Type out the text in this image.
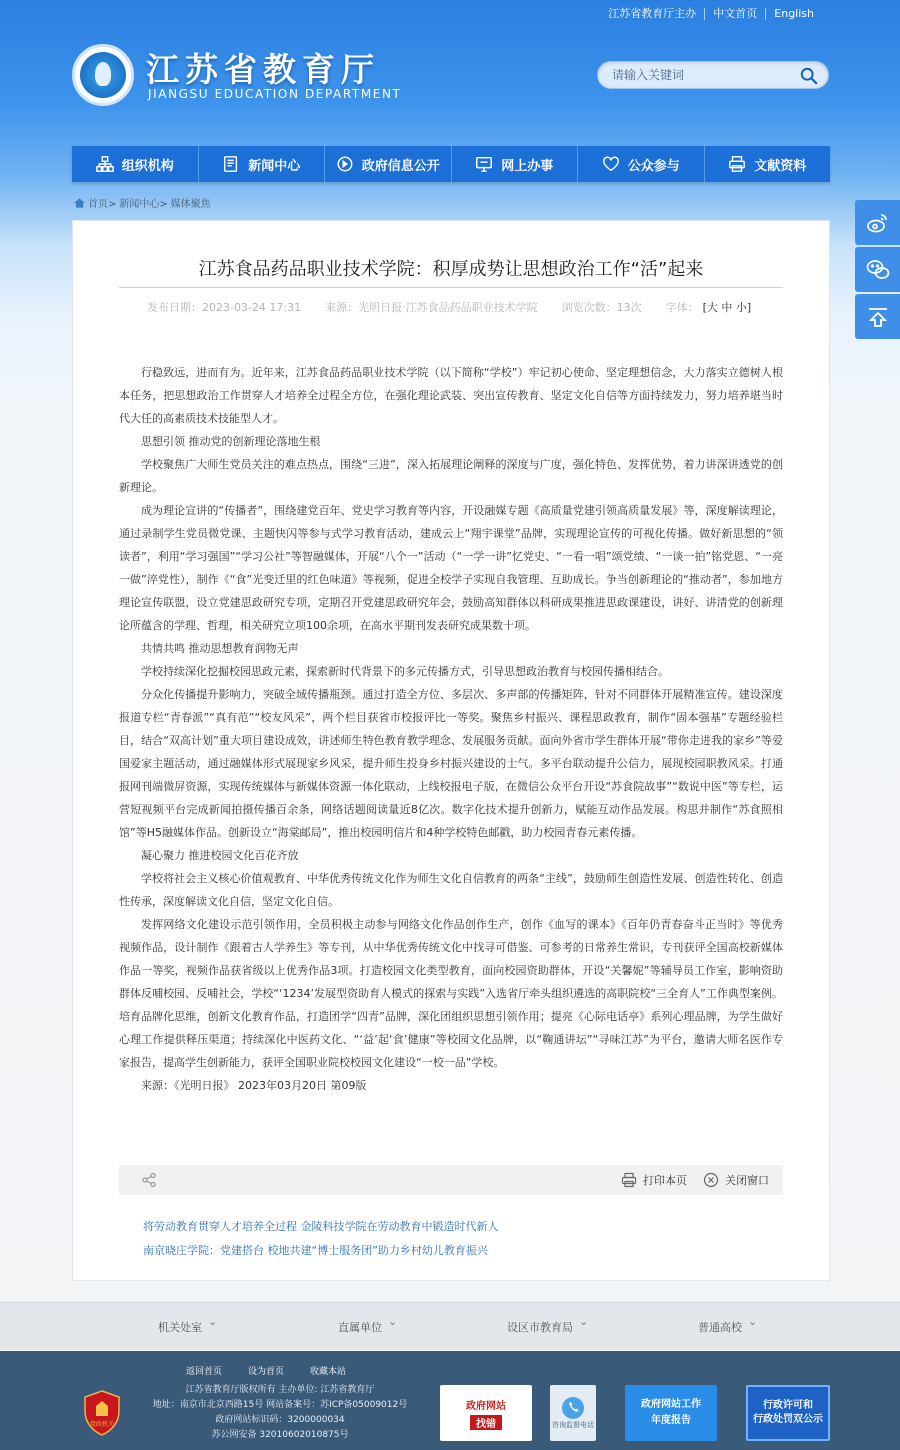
江苏省教育厅主办	中文首页	English
江苏省教育厅
JIANGSU EDUCATION DEPARTMENT
请输入关键词
组织机构	新闻中心	政府信息公开	网上办事	公众参与	文献资料
首页> 新闻中心> 媒体聚焦
江苏食品药品职业技术学院：积厚成势让思想政治工作“活”起来
发布日期：2023-03-24 17:31 来源：光明日报·江苏食品药品职业技术学院 浏览次数：13次 字体： [大 中 小]

行稳致远，进而有为。近年来，江苏食品药品职业技术学院（以下简称“学校”）牢记初心使命、坚定理想信念，大力落实立德树人根本任务，把思想政治工作贯穿人才培养全过程全方位，在强化理论武装、突出宣传教育、坚定文化自信等方面持续发力，努力培养堪当时代大任的高素质技术技能型人才。

思想引领 推动党的创新理论落地生根

学校聚焦广大师生党员关注的难点热点，围绕“三进”，深入拓展理论阐释的深度与广度，强化特色、发挥优势，着力讲深讲透党的创新理论。

成为理论宣讲的“传播者”，围绕建党百年、党史学习教育等内容，开设融媒专题《高质量党建引领高质量发展》等，深度解读理论，通过录制学生党员微党课、主题快闪等参与式学习教育活动，建成云上“翔宇课堂”品牌，实现理论宣传的可视化传播。做好新思想的“领读者”，利用“学习强国”“学习公社”等智融媒体，开展“八个一”活动（“一学一讲”忆党史、“一看一唱”颂党绩、“一谈一拍”铭党恩、“一亮一做”淬党性），制作《“食”光变迁里的红色味道》等视频，促进全校学子实现自我管理、互助成长。争当创新理论的“推动者”，参加地方理论宣传联盟，设立党建思政研究专项，定期召开党建思政研究年会，鼓励高知群体以科研成果推进思政课建设，讲好、讲清党的创新理论所蕴含的学理、哲理，相关研究立项100余项，在高水平期刊发表研究成果数十项。

共情共鸣 推动思想教育润物无声

学校持续深化挖掘校园思政元素，探索新时代背景下的多元传播方式，引导思想政治教育与校园传播相结合。

分众化传播提升影响力，突破全域传播瓶颈。通过打造全方位、多层次、多声部的传播矩阵，针对不同群体开展精准宣传。建设深度报道专栏“青春派”“真有范”“校友风采”，两个栏目获省市校报评比一等奖。聚焦乡村振兴、课程思政教育，制作“固本强基”专题经验栏目，结合“双高计划”重大项目建设成效，讲述师生特色教育教学理念、发展服务贡献。面向外省市学生群体开展“带你走进我的家乡”等爱国爱家主题活动，通过融媒体形式展现家乡风采，提升师生投身乡村振兴建设的士气。多平台联动提升公信力，展现校园职教风采。打通报网刊端微屏资源，实现传统媒体与新媒体资源一体化联动，上线校报电子版，在微信公众平台开设“苏食院故事”“数说中医”等专栏，运营短视频平台完成新闻拍摄传播百余条，网络话题阅读量近8亿次。数字化技术提升创新力，赋能互动作品发展。构思并制作“苏食照相馆”等H5融媒体作品。创新设立“海棠邮局”，推出校园明信片和4种学校特色邮戳，助力校园青春元素传播。

凝心聚力 推进校园文化百花齐放

学校将社会主义核心价值观教育、中华优秀传统文化作为师生文化自信教育的两条“主线”，鼓励师生创造性发展、创造性转化、创造性传承，深度解读文化自信，坚定文化自信。

发挥网络文化建设示范引领作用，全员积极主动参与网络文化作品创作生产，创作《血写的课本》《百年仍青春奋斗正当时》等优秀视频作品，设计制作《跟着古人学养生》等专刊，从中华优秀传统文化中找寻可借鉴、可参考的日常养生常识，专刊获评全国高校新媒体作品一等奖，视频作品获省级以上优秀作品3项。打造校园文化类型教育，面向校园资助群体，开设“关馨妮”等辅导员工作室，影响资助群体反哺校园、反哺社会，学校“‘1234’发展型资助育人模式的探索与实践”入选省厅牵头组织遴选的高职院校“三全育人”工作典型案例。培育品牌化思维，创新文化教育作品，打造团学“四青”品牌，深化团组织思想引领作用；提亮《心际电话亭》系列心理品牌，为学生做好心理工作提供释压渠道；持续深化中医药文化、“‘益’起‘食’健康”等校园文化品牌，以“鞠通讲坛”“寻味江苏”为平台，邀请大师名医作专家报告，提高学生创新能力，获评全国职业院校校园文化建设“一校一品”学校。

来源：《光明日报》 2023年03月20日 第09版

打印本页	关闭窗口
将劳动教育贯穿人才培养全过程 金陵科技学院在劳动教育中锻造时代新人
南京晓庄学院：党建搭台 校地共建“博士服务团”助力乡村幼儿教育振兴
机关处室 ⌄	直属单位 ⌄	设区市教育局 ⌄	普通高校 ⌄
返回首页	设为首页	收藏本站
党政机关
江苏省教育厅版权所有 主办单位: 江苏省教育厅
地址：南京市北京西路15号 网站备案号：苏ICP备05009012号
政府网站标识码：3200000034
苏公网安备 32010602010875号
政府网站
找错	咨询监督电话
政府网站工作
年度报告
行政许可和
行政处罚双公示
